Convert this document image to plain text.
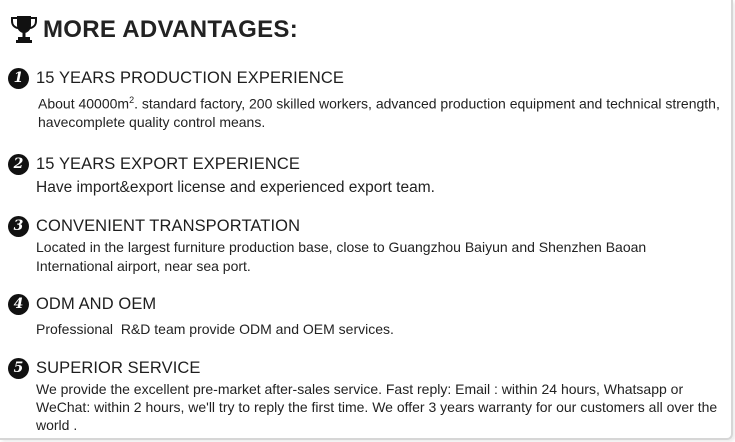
MORE ADVANTAGES:
1 15 YEARS PRODUCTION EXPERIENCE
About $40000m^2$. standard factory, 200 skilled workers, advanced production equipment and technical strength, havecomplete quality control means.
2 15 YEARS EXPORT EXPERIENCE
Have import&export license and experienced export team.
3 CONVENIENT TRANSPORTATION
Located in the largest furniture production base, close to Guangzhou Baiyun and Shenzhen Baoan International airport, near sea port.
4 ODM AND OEM
Professional  R&D team provide ODM and OEM services.
5 SUPERIOR SERVICE
We provide the excellent pre-market after-sales service. Fast reply: Email : within 24 hours, Whatsapp or WeChat: within 2 hours, we'll try to reply the first time. We offer 3 years warranty for our customers all over the world .
